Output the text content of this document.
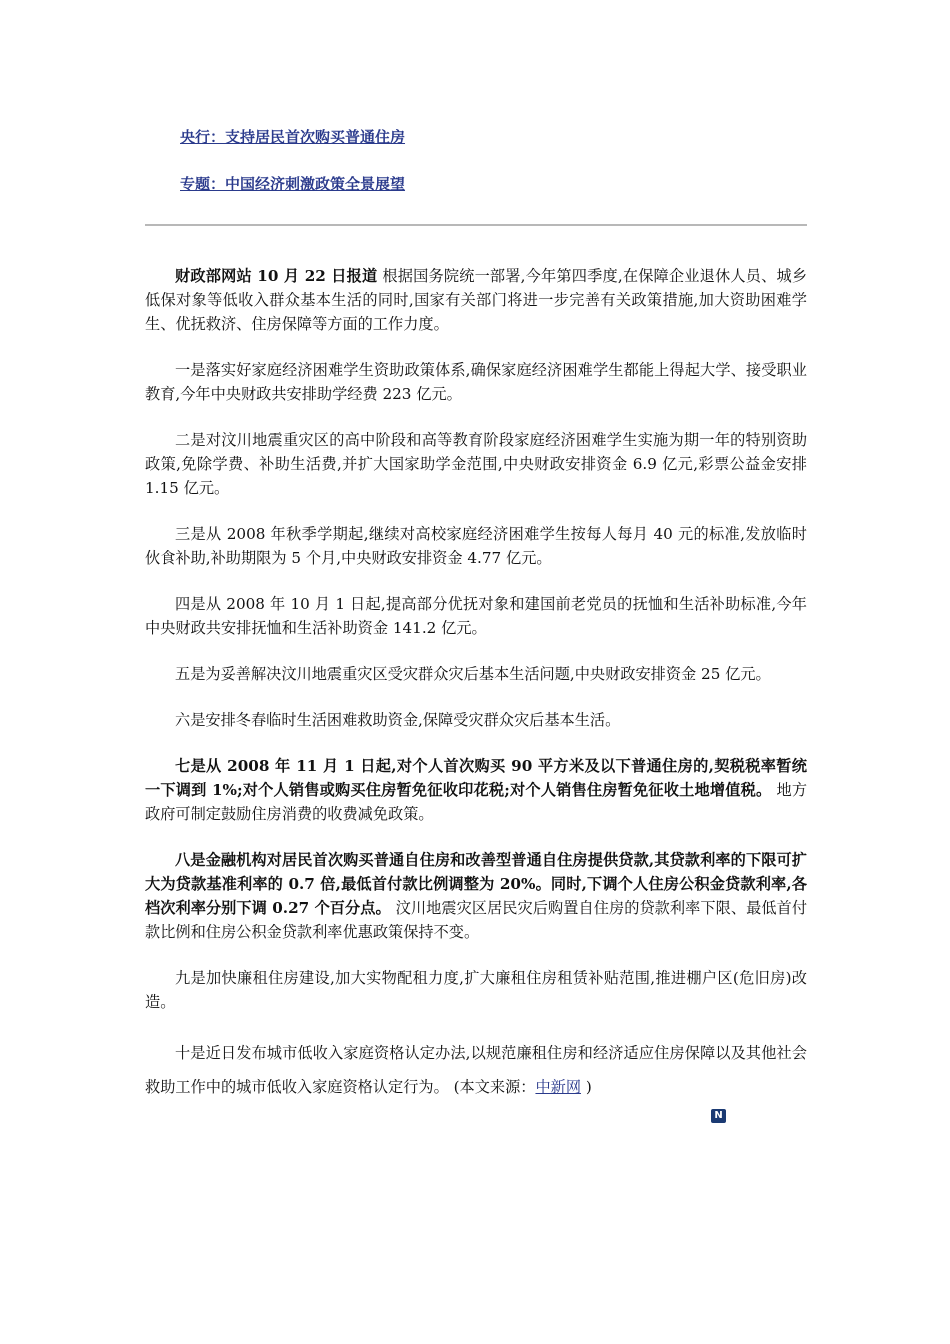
央行：支持居民首次购买普通住房
专题：中国经济刺激政策全景展望

财政部网站 10 月 22 日报道 根据国务院统一部署,今年第四季度,在保障企业退休人员、城乡低保对象等低收入群众基本生活的同时,国家有关部门将进一步完善有关政策措施,加大资助困难学生、优抚救济、住房保障等方面的工作力度。

一是落实好家庭经济困难学生资助政策体系,确保家庭经济困难学生都能上得起大学、接受职业教育,今年中央财政共安排助学经费 223 亿元。

二是对汶川地震重灾区的高中阶段和高等教育阶段家庭经济困难学生实施为期一年的特别资助政策,免除学费、补助生活费,并扩大国家助学金范围,中央财政安排资金 6.9 亿元,彩票公益金安排 1.15 亿元。

三是从 2008 年秋季学期起,继续对高校家庭经济困难学生按每人每月 40 元的标准,发放临时伙食补助,补助期限为 5 个月,中央财政安排资金 4.77 亿元。

四是从 2008 年 10 月 1 日起,提高部分优抚对象和建国前老党员的抚恤和生活补助标准,今年中央财政共安排抚恤和生活补助资金 141.2 亿元。

五是为妥善解决汶川地震重灾区受灾群众灾后基本生活问题,中央财政安排资金 25 亿元。

六是安排冬春临时生活困难救助资金,保障受灾群众灾后基本生活。

七是从 2008 年 11 月 1 日起,对个人首次购买 90 平方米及以下普通住房的,契税税率暂统一下调到 1%;对个人销售或购买住房暂免征收印花税;对个人销售住房暂免征收土地增值税。 地方政府可制定鼓励住房消费的收费减免政策。

八是金融机构对居民首次购买普通自住房和改善型普通自住房提供贷款,其贷款利率的下限可扩大为贷款基准利率的 0.7 倍,最低首付款比例调整为 20%。同时,下调个人住房公积金贷款利率,各档次利率分别下调 0.27 个百分点。 汶川地震灾区居民灾后购置自住房的贷款利率下限、最低首付款比例和住房公积金贷款利率优惠政策保持不变。

九是加快廉租住房建设,加大实物配租力度,扩大廉租住房租赁补贴范围,推进棚户区(危旧房)改造。

十是近日发布城市低收入家庭资格认定办法,以规范廉租住房和经济适应住房保障以及其他社会救助工作中的城市低收入家庭资格认定行为。 (本文来源：中新网 )

N
